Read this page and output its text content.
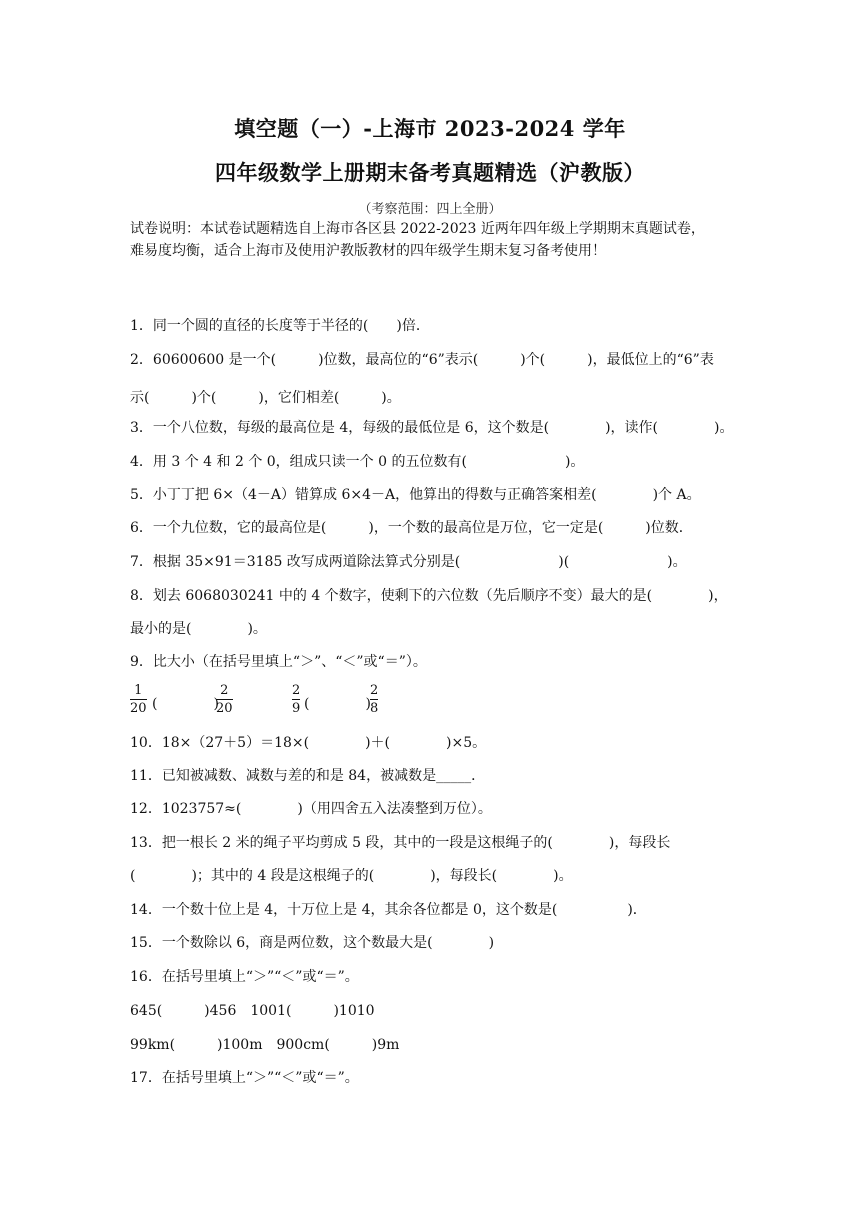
填空题（一）-上海市 2023-2024 学年
四年级数学上册期末备考真题精选（沪教版）
（考察范围：四上全册）
试卷说明：本试卷试题精选自上海市各区县 2022-2023 近两年四年级上学期期末真题试卷，
难易度均衡，适合上海市及使用沪教版教材的四年级学生期末复习备考使用！
1．同一个圆的直径的长度等于半径的(　　)倍．
2．60600600 是一个(　　　)位数，最高位的“6”表示(　　　)个(　　　)，最低位上的“6”表
示(　　　)个(　　　)，它们相差(　　　)。
3．一个八位数，每级的最高位是 4，每级的最低位是 6，这个数是(　　　　)，读作(　　　　)。
4．用 3 个 4 和 2 个 0，组成只读一个 0 的五位数有(　　　　　　　)。
5．小丁丁把 6×（4－A）错算成 6×4－A，他算出的得数与正确答案相差(　　　　)个 A。
6．一个九位数，它的最高位是(　　　)，一个数的最高位是万位，它一定是(　　　)位数．
7．根据 35×91＝3185 改写成两道除法算式分别是(　　　　　　　)(　　　　　　　)。
8．划去 6068030241 中的 4 个数字，使剩下的六位数（先后顺序不变）最大的是(　　　　)，
最小的是(　　　　)。
9．比大小（在括号里填上“＞”、“＜”或“＝”）。
1
20 (　　　　)
2
20
2
9 (　　　　)
2
8
10．18×（27＋5）＝18×(　　　　)＋(　　　　)×5。
11．已知被减数、减数与差的和是 84，被减数是_____．
12．1023757≈(　　　　)（用四舍五入法凑整到万位）。
13．把一根长 2 米的绳子平均剪成 5 段，其中的一段是这根绳子的(　　　　)，每段长
(　　　　)；其中的 4 段是这根绳子的(　　　　)，每段长(　　　　)。
14．一个数十位上是 4，十万位上是 4，其余各位都是 0，这个数是(　　　　　)．
15．一个数除以 6，商是两位数，这个数最大是(　　　　)
16．在括号里填上“＞”“＜”或“＝”。
645(　　　)456　1001(　　　)1010
99km(　　　)100m　900cm(　　　)9m
17．在括号里填上“＞”“＜”或“＝”。
